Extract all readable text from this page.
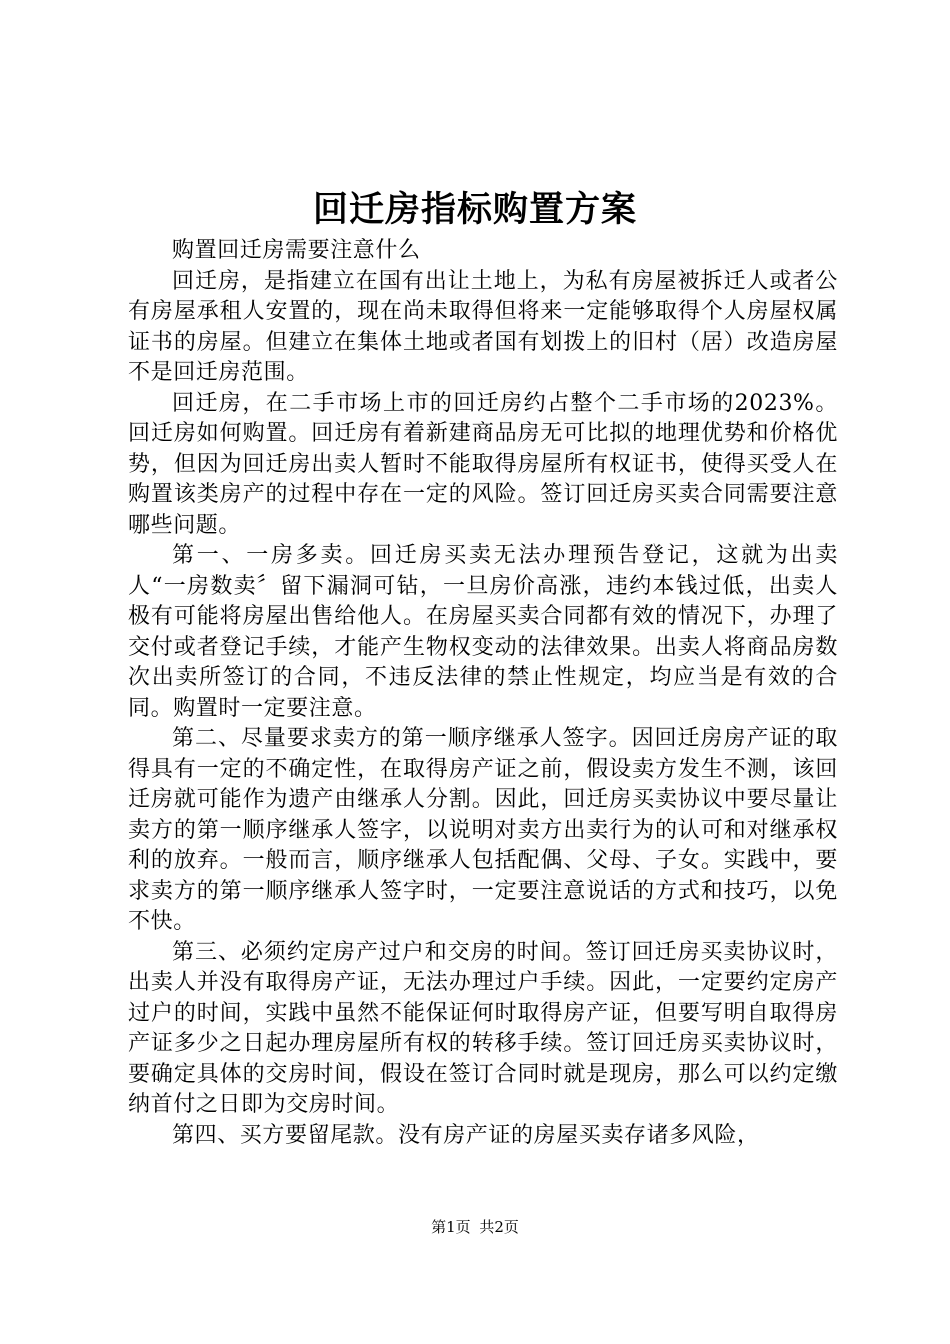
回迁房指标购置方案

购置回迁房需要注意什么

回迁房，是指建立在国有出让土地上，为私有房屋被拆迁人或者公有房屋承租人安置的，现在尚未取得但将来一定能够取得个人房屋权属证书的房屋。但建立在集体土地或者国有划拨上的旧村（居）改造房屋不是回迁房范围。

回迁房，在二手市场上市的回迁房约占整个二手市场的2023%。回迁房如何购置。回迁房有着新建商品房无可比拟的地理优势和价格优势，但因为回迁房出卖人暂时不能取得房屋所有权证书，使得买受人在购置该类房产的过程中存在一定的风险。签订回迁房买卖合同需要注意哪些问题。

第一、一房多卖。回迁房买卖无法办理预告登记，这就为出卖人“一房数卖〞留下漏洞可钻，一旦房价高涨，违约本钱过低，出卖人极有可能将房屋出售给他人。在房屋买卖合同都有效的情况下，办理了交付或者登记手续，才能产生物权变动的法律效果。出卖人将商品房数次出卖所签订的合同，不违反法律的禁止性规定，均应当是有效的合同。购置时一定要注意。

第二、尽量要求卖方的第一顺序继承人签字。因回迁房房产证的取得具有一定的不确定性，在取得房产证之前，假设卖方发生不测，该回迁房就可能作为遗产由继承人分割。因此，回迁房买卖协议中要尽量让卖方的第一顺序继承人签字，以说明对卖方出卖行为的认可和对继承权利的放弃。一般而言，顺序继承人包括配偶、父母、子女。实践中，要求卖方的第一顺序继承人签字时，一定要注意说话的方式和技巧，以免不快。

第三、必须约定房产过户和交房的时间。签订回迁房买卖协议时，出卖人并没有取得房产证，无法办理过户手续。因此，一定要约定房产过户的时间，实践中虽然不能保证何时取得房产证，但要写明自取得房产证多少之日起办理房屋所有权的转移手续。签订回迁房买卖协议时，要确定具体的交房时间，假设在签订合同时就是现房，那么可以约定缴纳首付之日即为交房时间。

第四、买方要留尾款。没有房产证的房屋买卖存诸多风险，

第1页 共2页
